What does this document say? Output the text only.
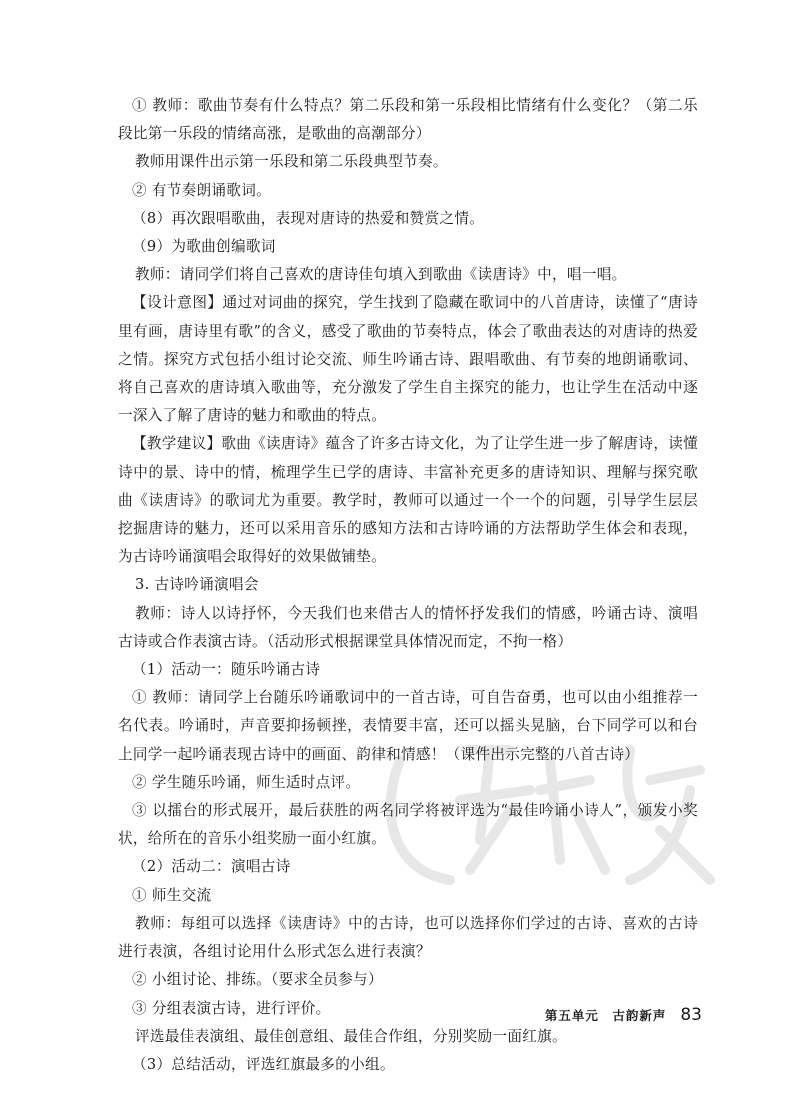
① 教师：歌曲节奏有什么特点？第二乐段和第一乐段相比情绪有什么变化？（第二乐段比第一乐段的情绪高涨，是歌曲的高潮部分）

教师用课件出示第一乐段和第二乐段典型节奏。

② 有节奏朗诵歌词。

（8）再次跟唱歌曲，表现对唐诗的热爱和赞赏之情。

（9）为歌曲创编歌词

教师：请同学们将自己喜欢的唐诗佳句填入到歌曲《读唐诗》中，唱一唱。

【设计意图】通过对词曲的探究，学生找到了隐藏在歌词中的八首唐诗，读懂了“唐诗里有画，唐诗里有歌”的含义，感受了歌曲的节奏特点，体会了歌曲表达的对唐诗的热爱之情。探究方式包括小组讨论交流、师生吟诵古诗、跟唱歌曲、有节奏的地朗诵歌词、将自己喜欢的唐诗填入歌曲等，充分激发了学生自主探究的能力，也让学生在活动中逐一深入了解了唐诗的魅力和歌曲的特点。

【教学建议】歌曲《读唐诗》蕴含了许多古诗文化，为了让学生进一步了解唐诗，读懂诗中的景、诗中的情，梳理学生已学的唐诗、丰富补充更多的唐诗知识、理解与探究歌曲《读唐诗》的歌词尤为重要。教学时，教师可以通过一个一个的问题，引导学生层层挖掘唐诗的魅力，还可以采用音乐的感知方法和古诗吟诵的方法帮助学生体会和表现，为古诗吟诵演唱会取得好的效果做铺垫。

3. 古诗吟诵演唱会

教师：诗人以诗抒怀，今天我们也来借古人的情怀抒发我们的情感，吟诵古诗、演唱古诗或合作表演古诗。（活动形式根据课堂具体情况而定，不拘一格）

（1）活动一：随乐吟诵古诗

① 教师：请同学上台随乐吟诵歌词中的一首古诗，可自告奋勇，也可以由小组推荐一名代表。吟诵时，声音要抑扬顿挫，表情要丰富，还可以摇头晃脑，台下同学可以和台上同学一起吟诵表现古诗中的画面、韵律和情感！（课件出示完整的八首古诗）

② 学生随乐吟诵，师生适时点评。

③ 以擂台的形式展开，最后获胜的两名同学将被评选为“最佳吟诵小诗人”，颁发小奖状，给所在的音乐小组奖励一面小红旗。

（2）活动二：演唱古诗

① 师生交流

教师：每组可以选择《读唐诗》中的古诗，也可以选择你们学过的古诗、喜欢的古诗进行表演，各组讨论用什么形式怎么进行表演？

② 小组讨论、排练。（要求全员参与）

③ 分组表演古诗，进行评价。

评选最佳表演组、最佳创意组、最佳合作组，分别奖励一面红旗。

（3）总结活动，评选红旗最多的小组。

第五单元　古韵新声 83
